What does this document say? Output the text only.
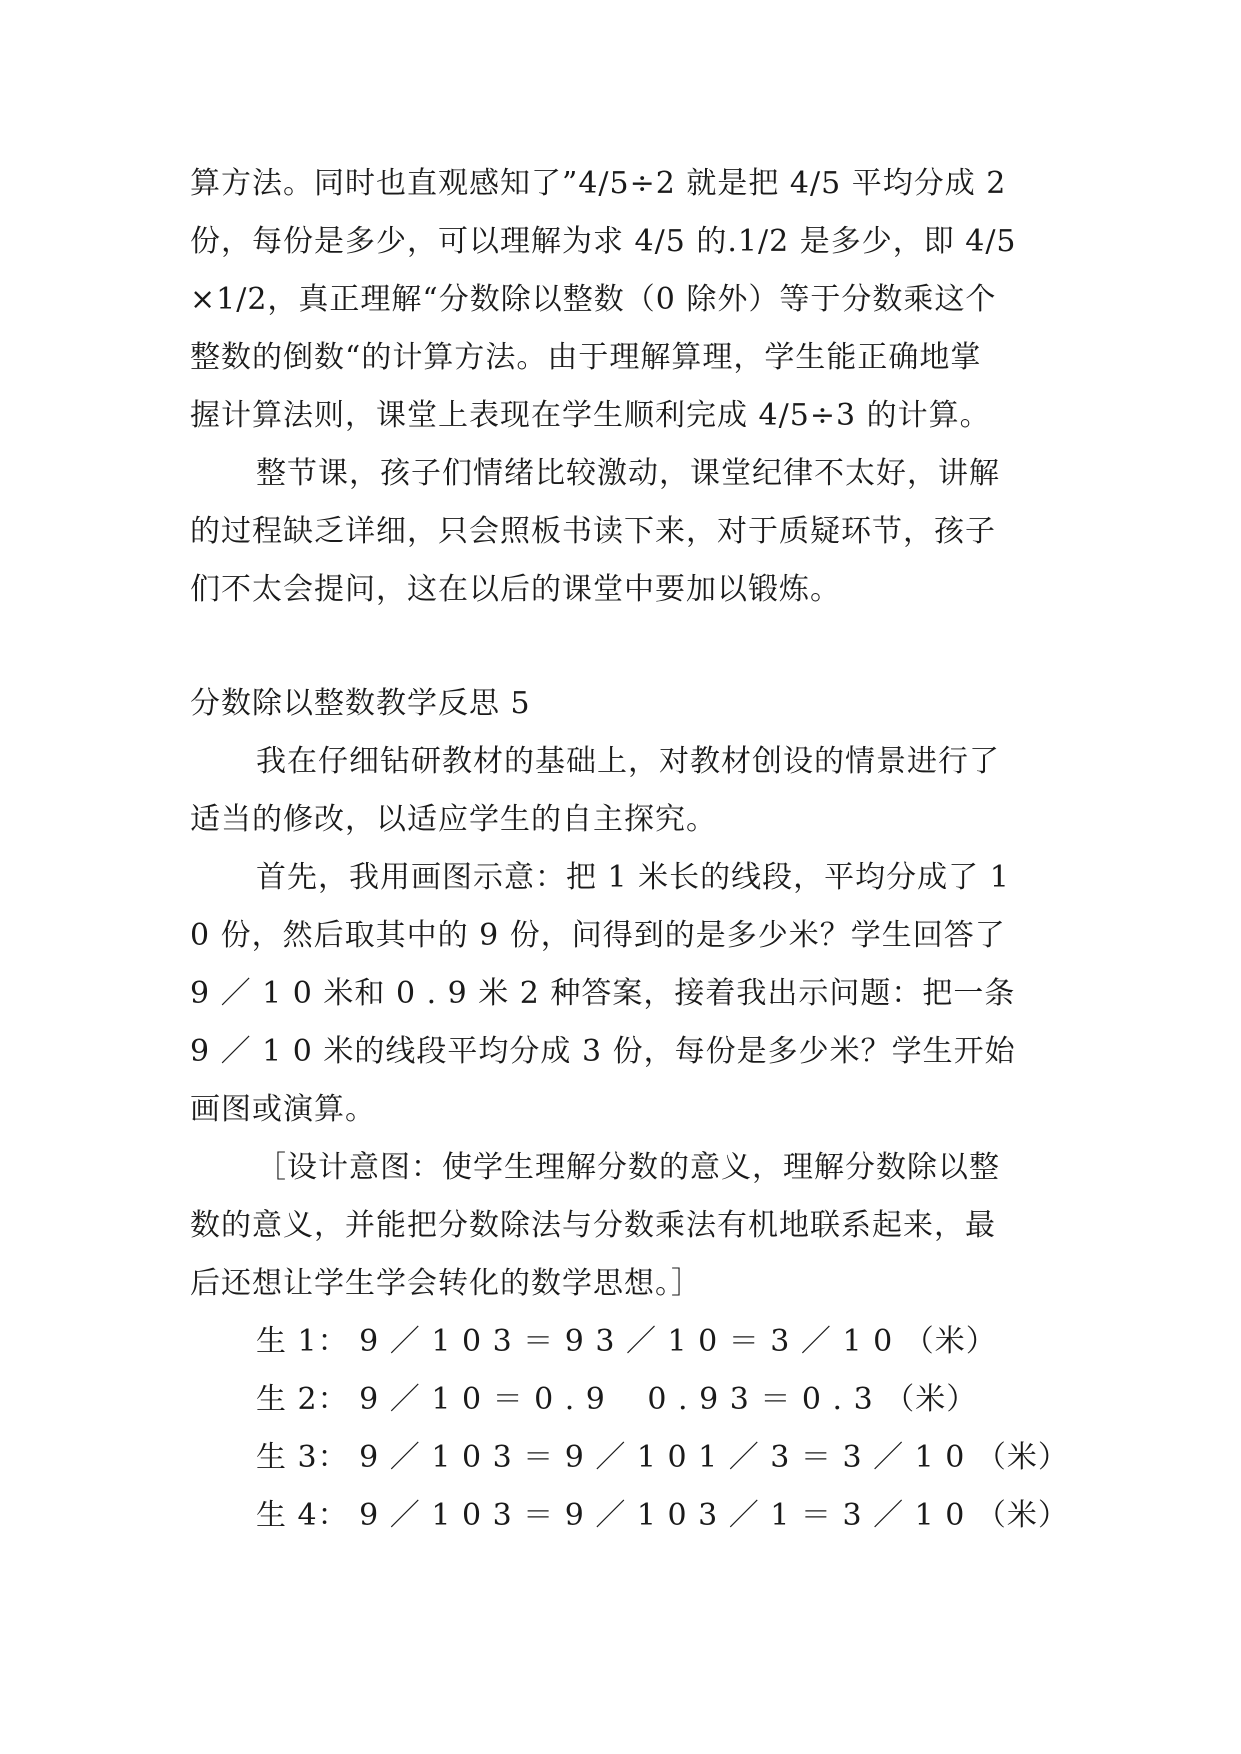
算方法。同时也直观感知了”4/5÷2 就是把 4/5 平均分成 2
份，每份是多少，可以理解为求 4/5 的.1/2 是多少，即 4/5
×1/2，真正理解“分数除以整数（0 除外）等于分数乘这个
整数的倒数“的计算方法。由于理解算理，学生能正确地掌
握计算法则，课堂上表现在学生顺利完成 4/5÷3 的计算。
整节课，孩子们情绪比较激动，课堂纪律不太好，讲解
的过程缺乏详细，只会照板书读下来，对于质疑环节，孩子
们不太会提问，这在以后的课堂中要加以锻炼。
分数除以整数教学反思 5
我在仔细钻研教材的基础上，对教材创设的情景进行了
适当的修改，以适应学生的自主探究。
首先，我用画图示意：把 1 米长的线段，平均分成了 1
0 份，然后取其中的 9 份，问得到的是多少米？学生回答了
9 ／ 1 0 米和 0 . 9 米 2 种答案，接着我出示问题：把一条
9 ／ 1 0 米的线段平均分成 3 份，每份是多少米？学生开始
画图或演算。
［设计意图：使学生理解分数的意义，理解分数除以整
数的意义，并能把分数除法与分数乘法有机地联系起来，最
后还想让学生学会转化的数学思想。］
生 1： 9 ／ 1 0 3 ＝ 9 3 ／ 1 0 ＝ 3 ／ 1 0 （米）
生 2： 9 ／ 1 0 ＝ 0 . 9　 0 . 9 3 ＝ 0 . 3 （米）
生 3： 9 ／ 1 0 3 ＝ 9 ／ 1 0 1 ／ 3 ＝ 3 ／ 1 0 （米）
生 4： 9 ／ 1 0 3 ＝ 9 ／ 1 0 3 ／ 1 ＝ 3 ／ 1 0 （米）
